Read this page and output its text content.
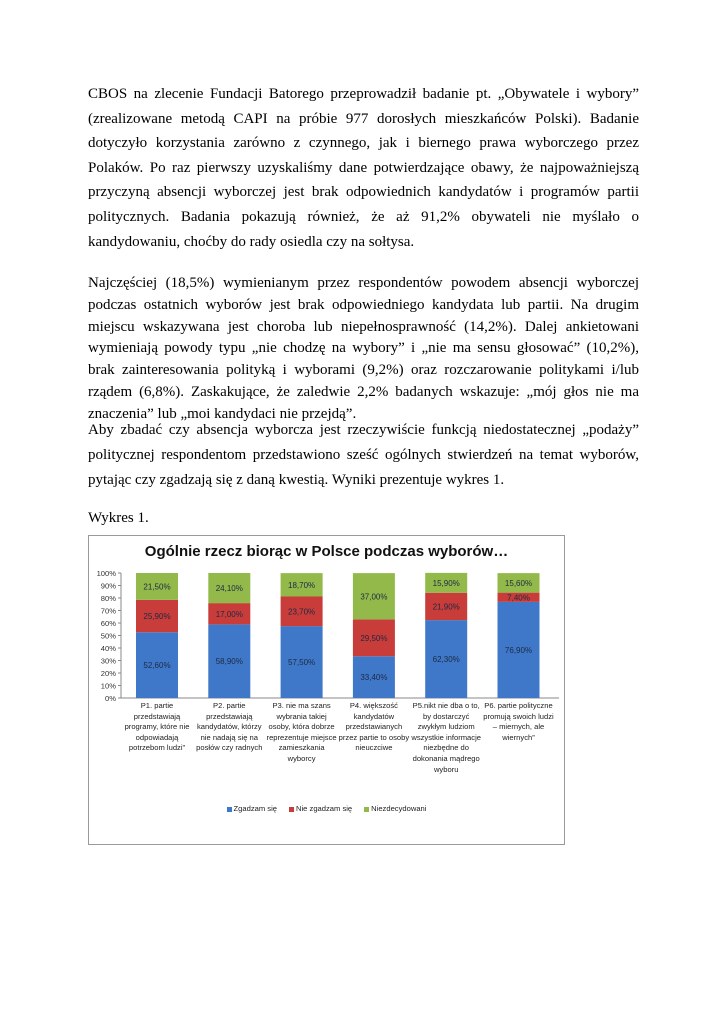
CBOS na zlecenie Fundacji Batorego przeprowadził badanie pt. „Obywatele i wybory” (zrealizowane metodą CAPI na próbie 977 dorosłych mieszkańców Polski). Badanie dotyczyło korzystania zarówno z czynnego, jak i biernego prawa wyborczego przez Polaków. Po raz pierwszy uzyskaliśmy dane potwierdzające obawy, że najpoważniejszą przyczyną absencji wyborczej jest brak odpowiednich kandydatów i programów partii politycznych. Badania pokazują również, że aż 91,2% obywateli nie myślało o kandydowaniu, choćby do rady osiedla czy na sołtysa.

Najczęściej (18,5%) wymienianym przez respondentów powodem absencji wyborczej podczas ostatnich wyborów jest brak odpowiedniego kandydata lub partii. Na drugim miejscu wskazywana jest choroba lub niepełnosprawność (14,2%). Dalej ankietowani wymieniają powody typu „nie chodzę na wybory” i „nie ma sensu głosować” (10,2%), brak zainteresowania polityką i wyborami (9,2%) oraz rozczarowanie politykami i/lub rządem (6,8%). Zaskakujące, że zaledwie 2,2% badanych wskazuje: „mój głos nie ma znaczenia” lub „moi kandydaci nie przejdą”.

Aby zbadać czy absencja wyborcza jest rzeczywiście funkcją niedostatecznej „podaży” politycznej respondentom przedstawiono sześć ogólnych stwierdzeń na temat wyborów, pytając czy zgadzają się z daną kwestią. Wyniki prezentuje wykres 1.

Wykres 1.

Ogólnie rzecz biorąc w Polsce podczas wyborów…
0%
10%
20%
30%
40%
50%
60%
70%
80%
90%
100%
52,60%
25,90%
21,50%
58,90%
17,00%
24,10%
57,50%
23,70%
18,70%
33,40%
29,50%
37,00%
62,30%
21,90%
15,90%
76,90%
7,40%
15,60%
P1. partie przedstawiają programy, które nie odpowiadają potrzebom ludzi”
P2. partie przedstawiają kandydatów, którzy nie nadają się na posłów czy radnych
P3. nie ma szans wybrania takiej osoby, która dobrze reprezentuje miejsce zamieszkania wyborcy
P4. większość kandydatów przedstawianych przez partie to osoby nieuczciwe
P5.nikt nie dba o to, by dostarczyć zwykłym ludziom wszystkie informacje niezbędne do dokonania mądrego wyboru
P6. partie polityczne promują swoich ludzi – miernych, ale wiernych”
Zgadzam się	Nie zgadzam się	Niezdecydowani
